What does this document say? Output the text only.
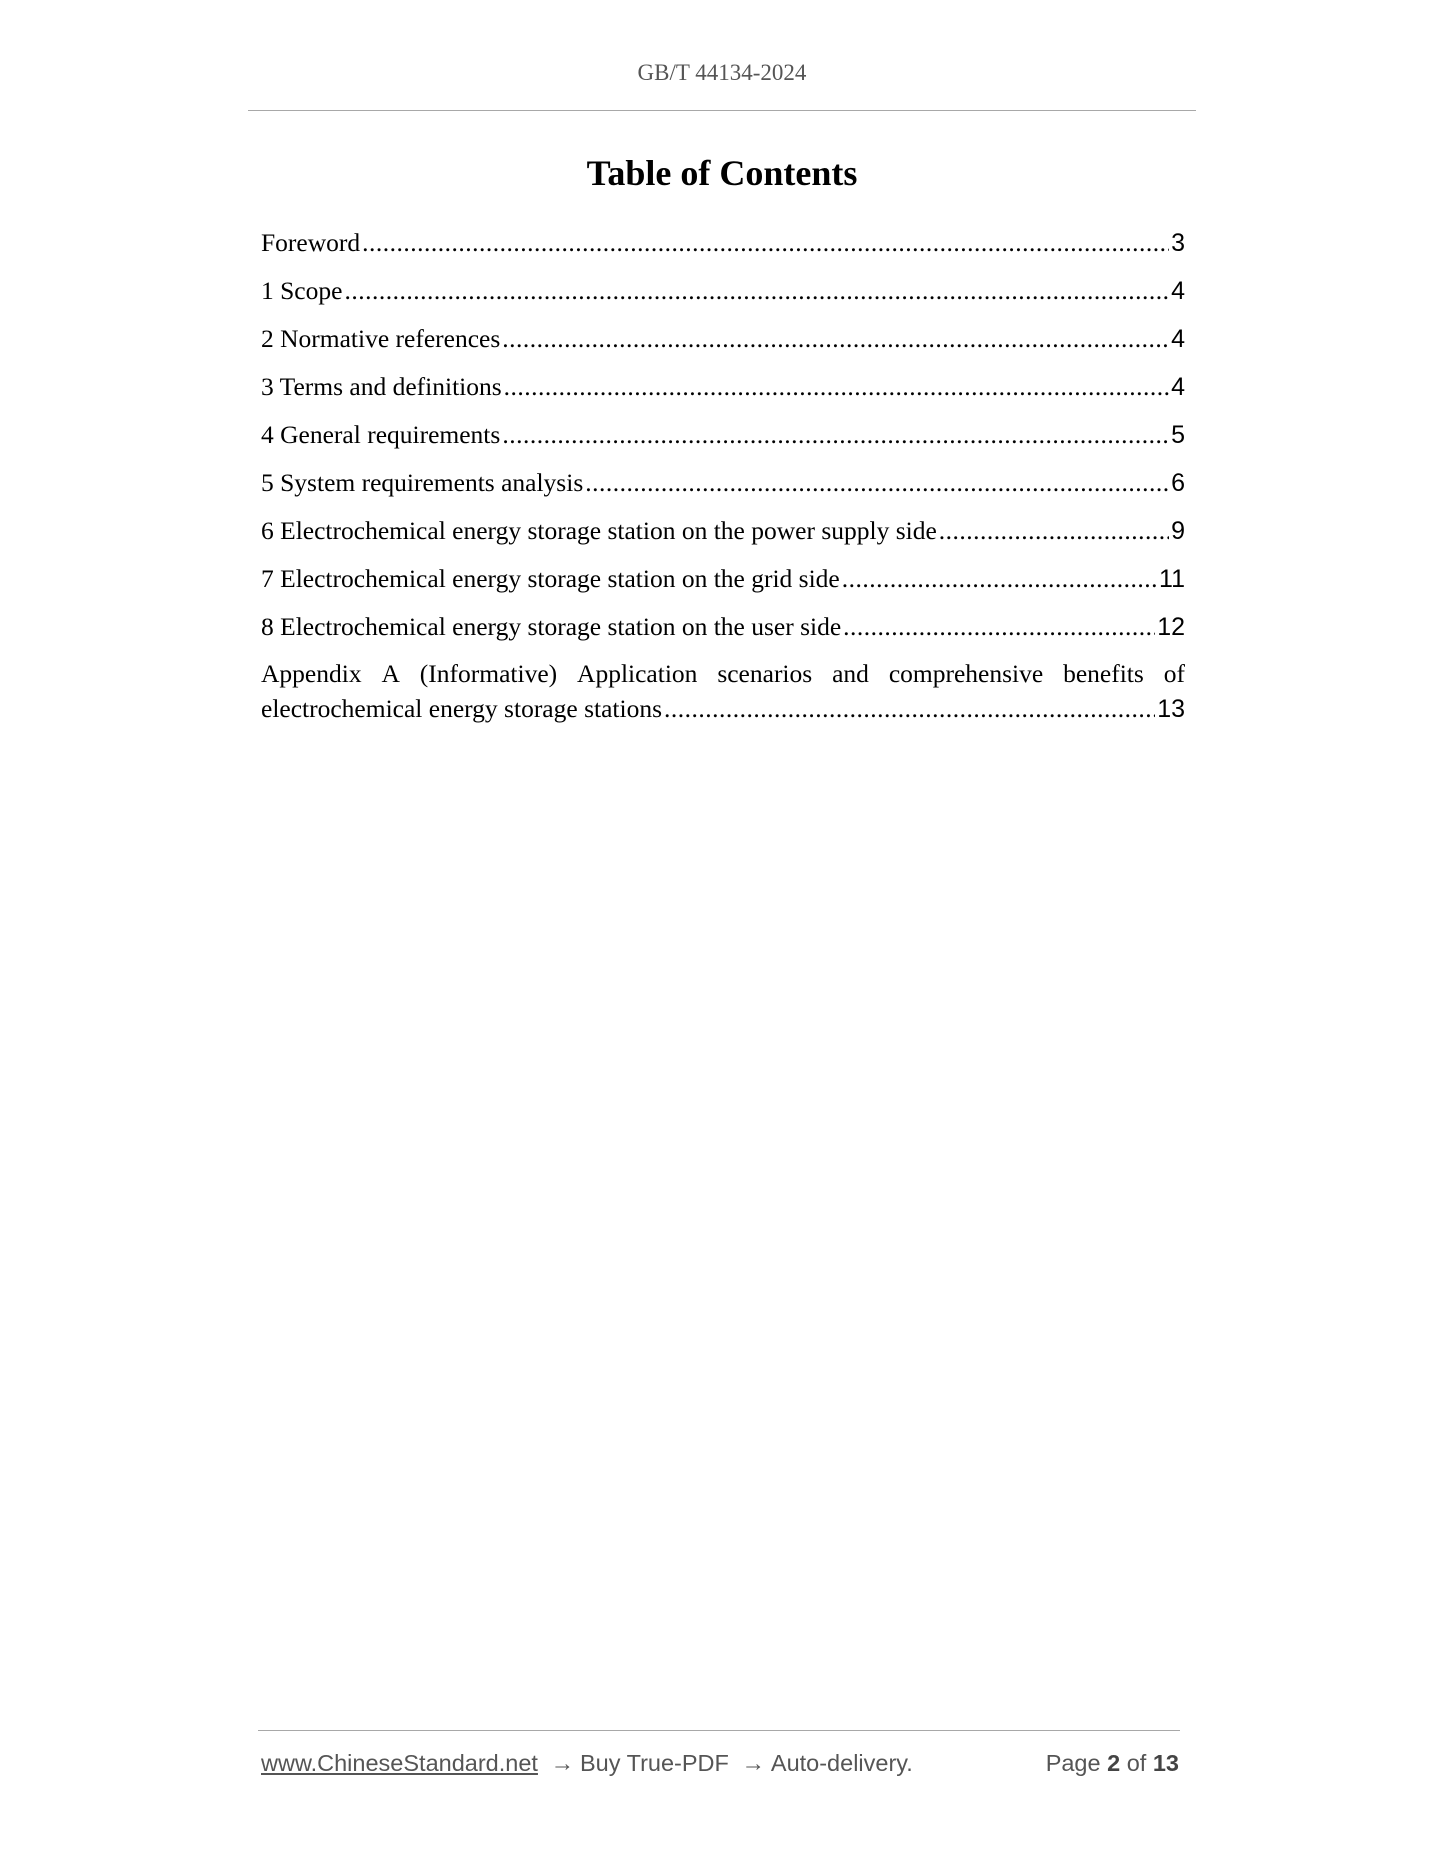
GB/T 44134-2024
Table of Contents
Foreword .....	3
1 Scope .....	4
2 Normative references .....	4
3 Terms and definitions .....	4
4 General requirements .....	5
5 System requirements analysis .....	6
6 Electrochemical energy storage station on the power supply side .....	9
7 Electrochemical energy storage station on the grid side .....	11
8 Electrochemical energy storage station on the user side .....	12
Appendix A (Informative) Application scenarios and comprehensive benefits of
electrochemical energy storage stations .....	13
www.ChineseStandard.net → Buy True-PDF → Auto-delivery.	Page 2 of 13
